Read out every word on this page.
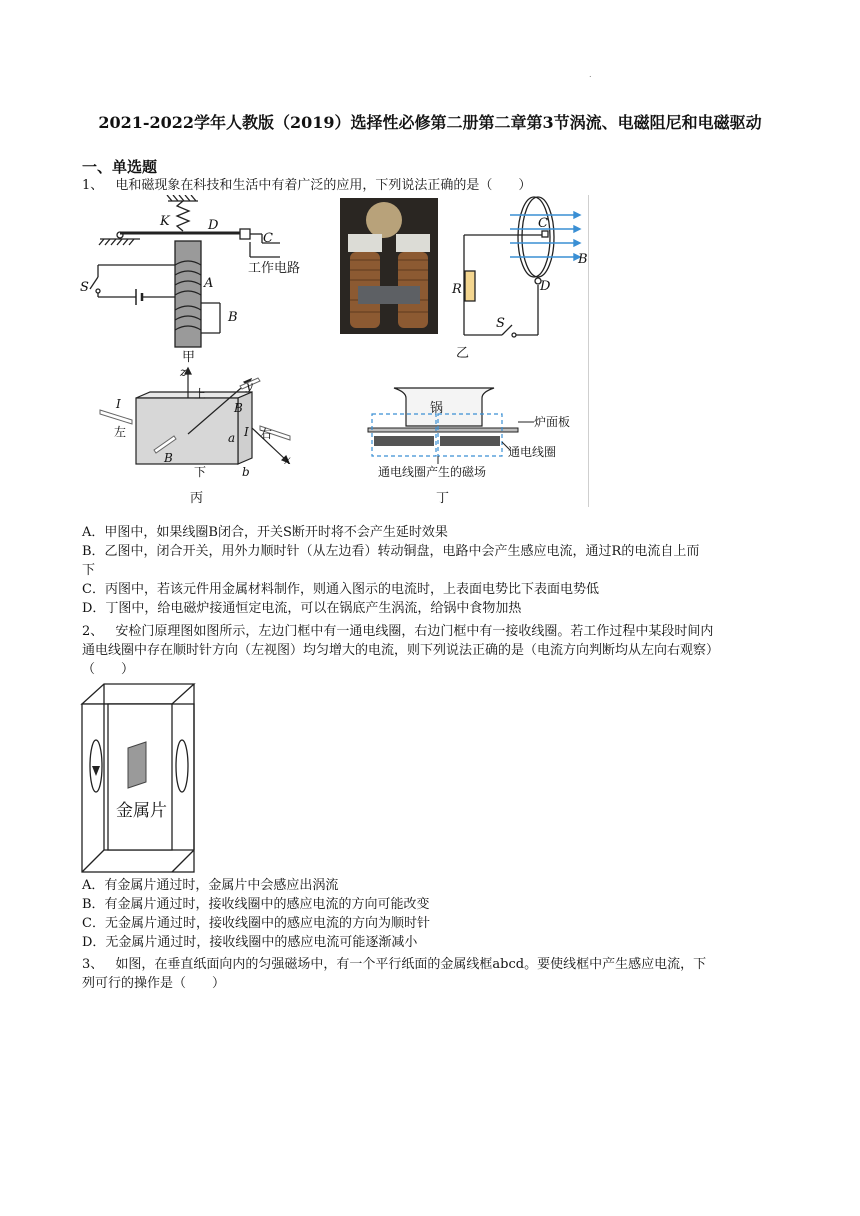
.
2021-2022学年人教版（2019）选择性必修第二册第二章第3节涡流、电磁阻尼和电磁驱动
一、单选题
1、 电和磁现象在科技和生活中有着广泛的应用，下列说法正确的是（　　）
K	D
C
工作电路
S	A
B
甲
C
R	D
S
B
乙
z
上
y
B
I
左	I 右
a
x
B
下	b
丙
锅
炉面板
通电线圈
通电线圈产生的磁场
丁
A．甲图中，如果线圈B闭合，开关S断开时将不会产生延时效果
B．乙图中，闭合开关，用外力顺时针（从左边看）转动铜盘，电路中会产生感应电流，通过R的电流自上而
下
C．丙图中，若该元件用金属材料制作，则通入图示的电流时，上表面电势比下表面电势低
D．丁图中，给电磁炉接通恒定电流，可以在锅底产生涡流，给锅中食物加热
2、 安检门原理图如图所示，左边门框中有一通电线圈，右边门框中有一接收线圈。若工作过程中某段时间内
通电线圈中存在顺时针方向（左视图）均匀增大的电流，则下列说法正确的是（电流方向判断均从左向右观察）
（　　）
金属片
A．有金属片通过时，金属片中会感应出涡流
B．有金属片通过时，接收线圈中的感应电流的方向可能改变
C．无金属片通过时，接收线圈中的感应电流的方向为顺时针
D．无金属片通过时，接收线圈中的感应电流可能逐渐减小
3、 如图，在垂直纸面向内的匀强磁场中，有一个平行纸面的金属线框abcd。要使线框中产生感应电流，下
列可行的操作是（　　）
